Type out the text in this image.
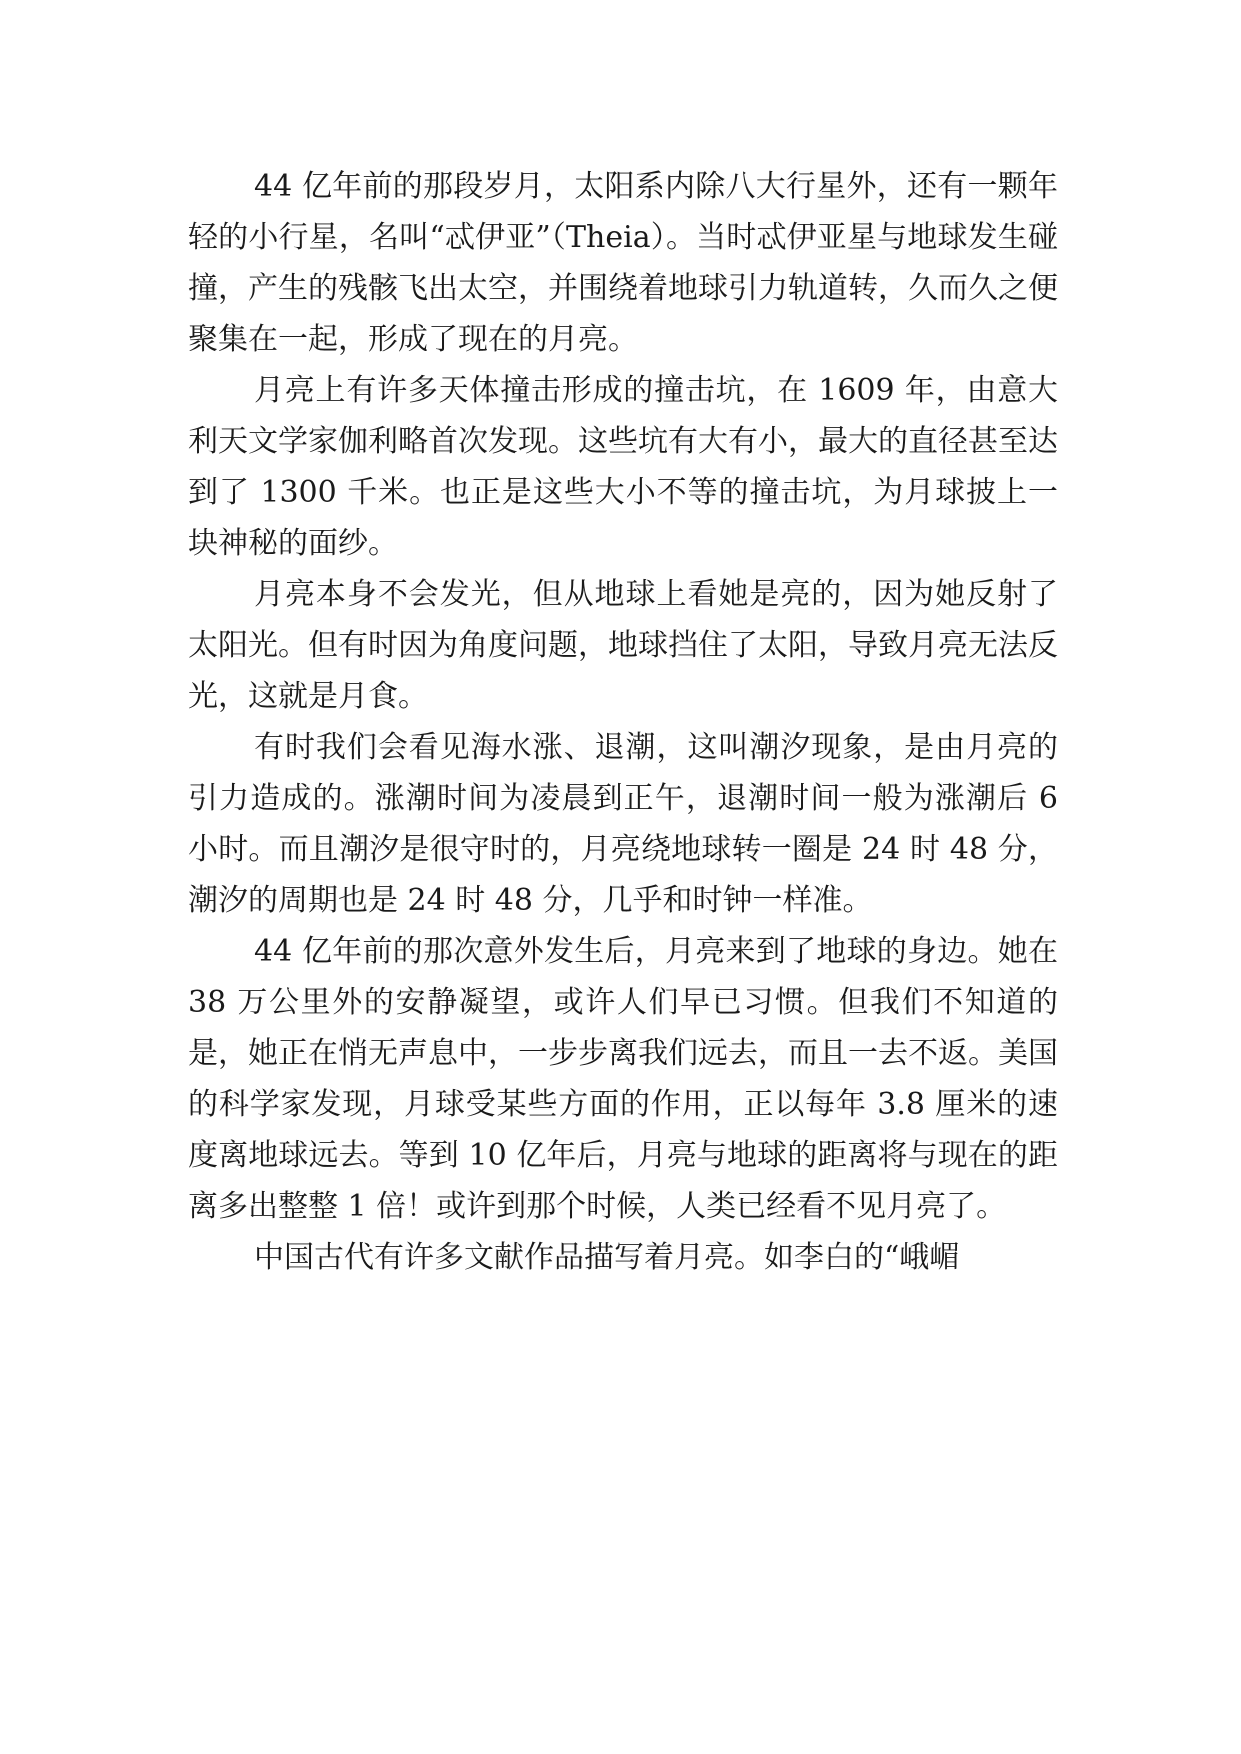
44 亿年前的那段岁月，太阳系内除八大行星外，还有一颗年轻的小行星，名叫“忒伊亚”（Theia）。当时忒伊亚星与地球发生碰撞，产生的残骸飞出太空，并围绕着地球引力轨道转，久而久之便聚集在一起，形成了现在的月亮。

月亮上有许多天体撞击形成的撞击坑，在 1609 年，由意大利天文学家伽利略首次发现。这些坑有大有小，最大的直径甚至达到了 1300 千米。也正是这些大小不等的撞击坑，为月球披上一块神秘的面纱。

月亮本身不会发光，但从地球上看她是亮的，因为她反射了太阳光。但有时因为角度问题，地球挡住了太阳，导致月亮无法反光，这就是月食。

有时我们会看见海水涨、退潮，这叫潮汐现象，是由月亮的引力造成的。涨潮时间为凌晨到正午，退潮时间一般为涨潮后 6 小时。而且潮汐是很守时的，月亮绕地球转一圈是 24 时 48 分，潮汐的周期也是 24 时 48 分，几乎和时钟一样准。

44 亿年前的那次意外发生后，月亮来到了地球的身边。她在 38 万公里外的安静凝望，或许人们早已习惯。但我们不知道的是，她正在悄无声息中，一步步离我们远去，而且一去不返。美国的科学家发现，月球受某些方面的作用，正以每年 3.8 厘米的速度离地球远去。等到 10 亿年后，月亮与地球的距离将与现在的距离多出整整 1 倍！或许到那个时候，人类已经看不见月亮了。

中国古代有许多文献作品描写着月亮。如李白的“峨嵋
